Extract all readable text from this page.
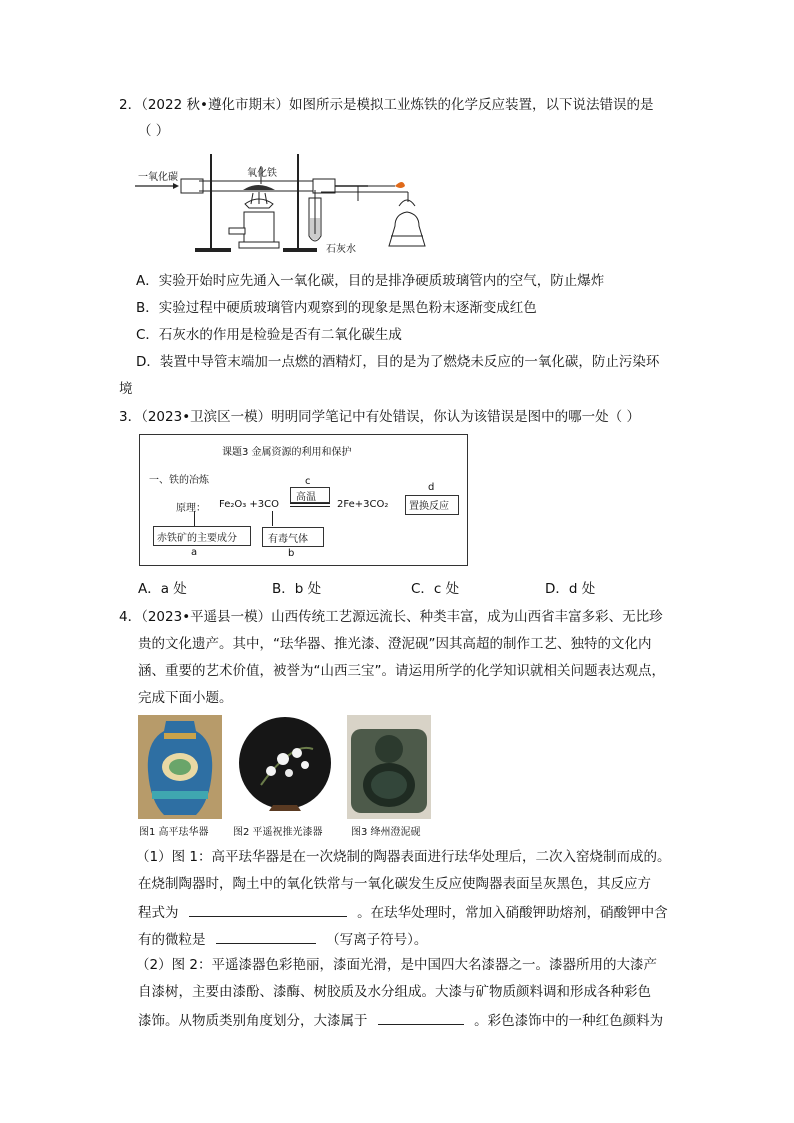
2．（2022 秋•遵化市期末）如图所示是模拟工业炼铁的化学反应装置，以下说法错误的是
（ ）
一氧化碳	氧化铁
石灰水
A．实验开始时应先通入一氧化碳，目的是排净硬质玻璃管内的空气，防止爆炸
B．实验过程中硬质玻璃管内观察到的现象是黑色粉末逐渐变成红色
C．石灰水的作用是检验是否有二氧化碳生成
D．装置中导管末端加一点燃的酒精灯，目的是为了燃烧未反应的一氧化碳，防止污染环
境
3．（2023•卫滨区一模）明明同学笔记中有处错误，你认为该错误是图中的哪一处（ ）
课题3 金属资源的利用和保护
一、铁的冶炼	c
d
高温
原理： Fe₂O₃ +3CO	2Fe+3CO₂ 置换反应
赤铁矿的主要成分	有毒气体
a	b
A．a 处	B．b 处	C．c 处	D．d 处
4．（2023•平遥县一模）山西传统工艺源远流长、种类丰富，成为山西省丰富多彩、无比珍
贵的文化遗产。其中，“珐华器、推光漆、澄泥砚”因其高超的制作工艺、独特的文化内
涵、重要的艺术价值，被誉为“山西三宝”。请运用所学的化学知识就相关问题表达观点，
完成下面小题。
图1 高平珐华器 图2 平遥祝推光漆器	图3 绛州澄泥砚
（1）图 1：高平珐华器是在一次烧制的陶器表面进行珐华处理后，二次入窑烧制而成的。
在烧制陶器时，陶土中的氧化铁常与一氧化碳发生反应使陶器表面呈灰黑色，其反应方
程式为	。在珐华处理时，常加入硝酸钾助熔剂，硝酸钾中含
有的微粒是	（写离子符号）。
（2）图 2：平遥漆器色彩艳丽，漆面光滑，是中国四大名漆器之一。漆器所用的大漆产
自漆树，主要由漆酚、漆酶、树胶质及水分组成。大漆与矿物质颜料调和形成各种彩色
漆饰。从物质类别角度划分，大漆属于	。彩色漆饰中的一种红色颜料为
